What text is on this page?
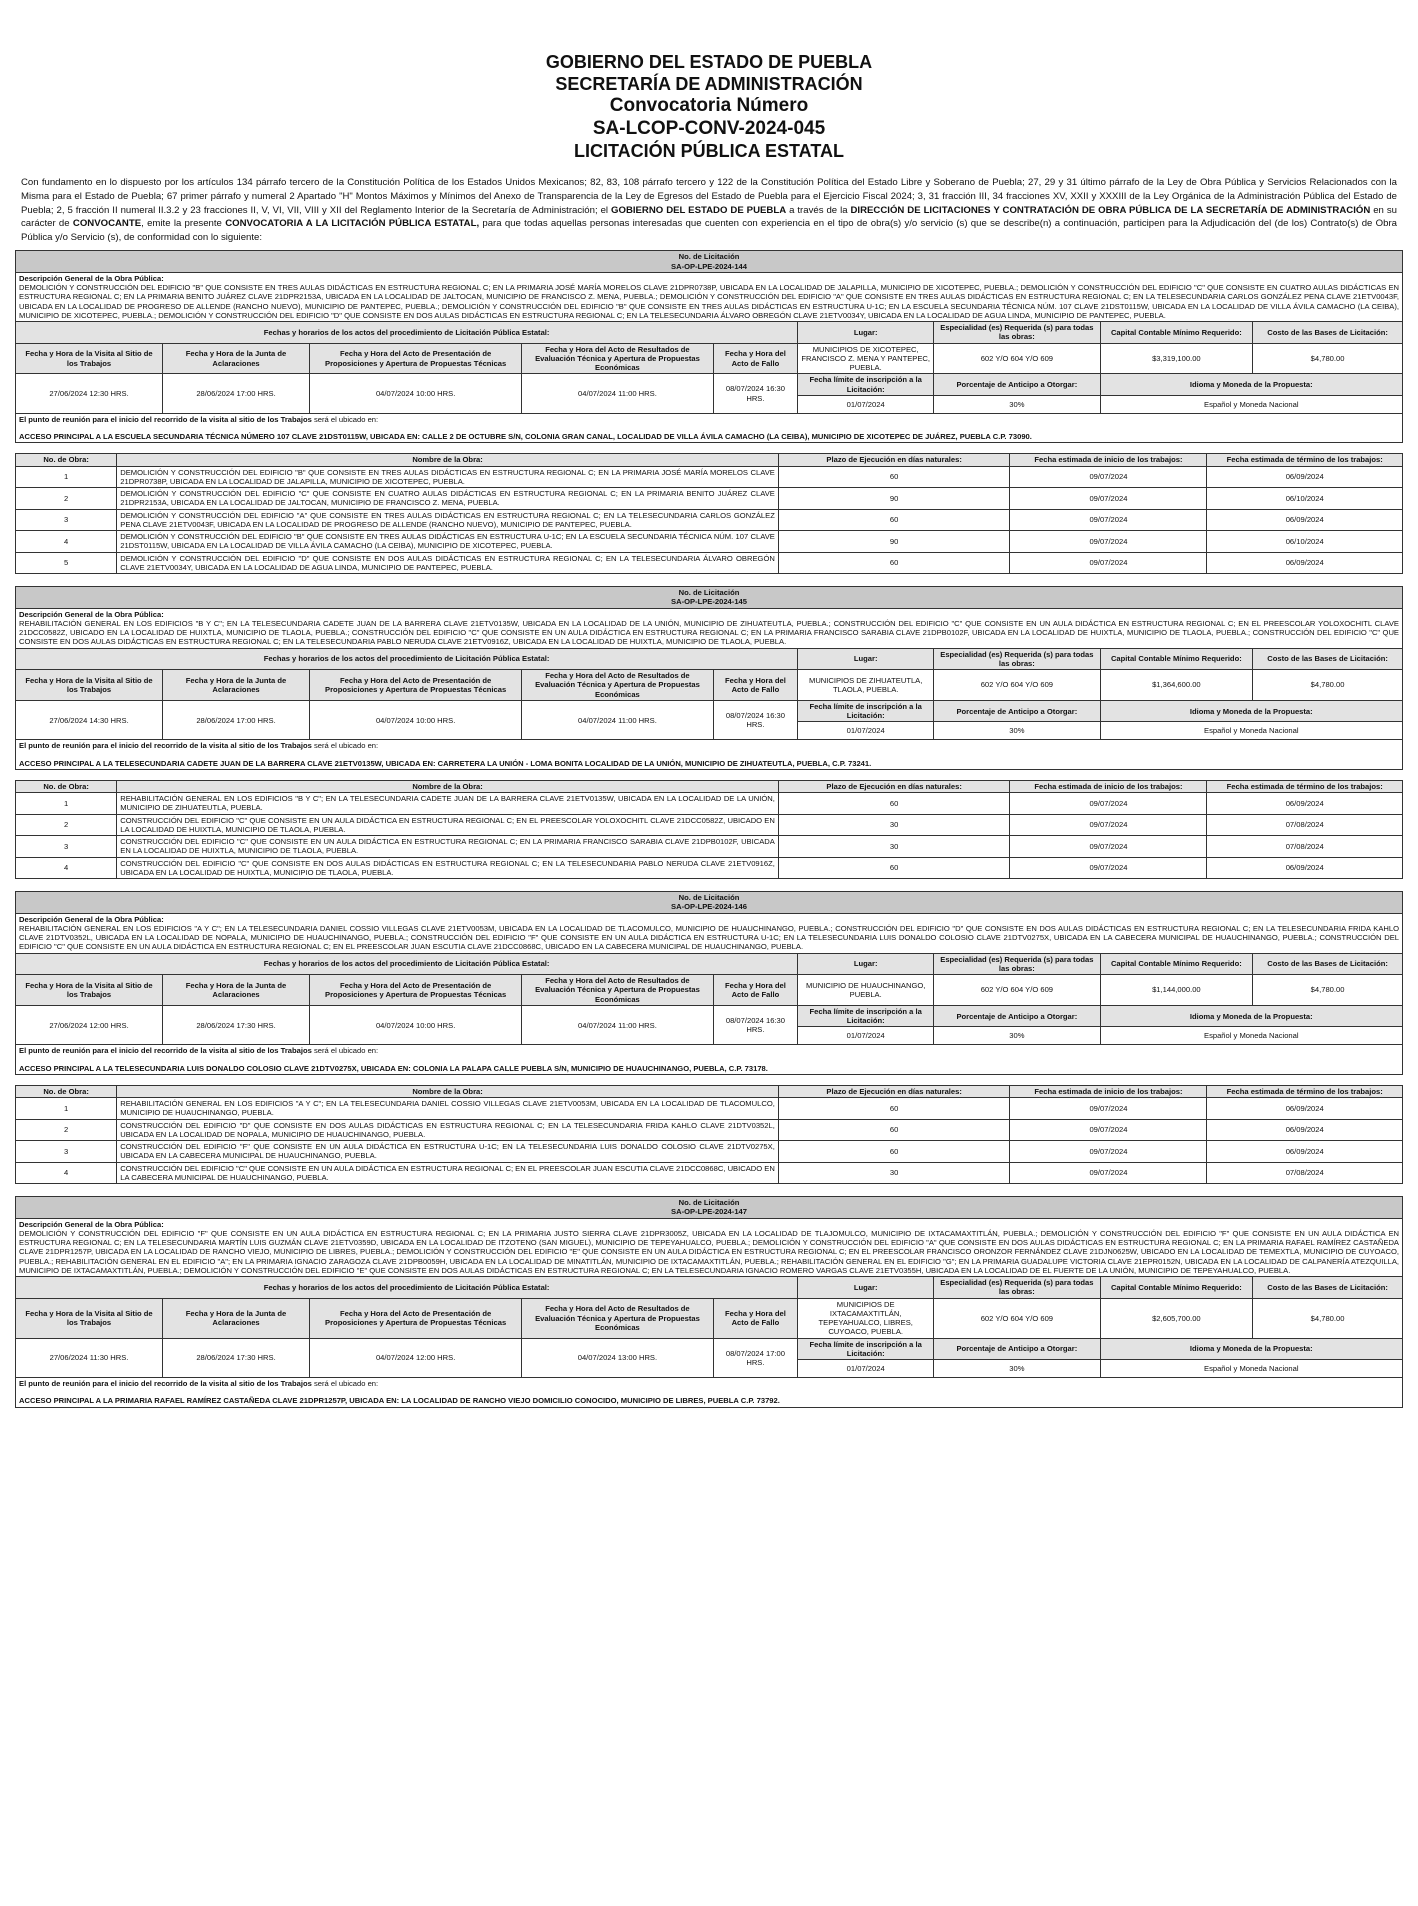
GOBIERNO DEL ESTADO DE PUEBLA
SECRETARÍA DE ADMINISTRACIÓN
Convocatoria Número
SA-LCOP-CONV-2024-045
LICITACIÓN PÚBLICA ESTATAL

Con fundamento en lo dispuesto por los artículos 134 párrafo tercero de la Constitución Política de los Estados Unidos Mexicanos; 82, 83, 108 párrafo tercero y 122 de la Constitución Política del Estado Libre y Soberano de Puebla; 27, 29 y 31 último párrafo de la Ley de Obra Pública y Servicios Relacionados con la Misma para el Estado de Puebla; 67 primer párrafo y numeral 2 Apartado "H" Montos Máximos y Mínimos del Anexo de Transparencia de la Ley de Egresos del Estado de Puebla para el Ejercicio Fiscal 2024; 3, 31 fracción III, 34 fracciones XV, XXII y XXXIII de la Ley Orgánica de la Administración Pública del Estado de Puebla; 2, 5 fracción II numeral II.3.2 y 23 fracciones II, V, VI, VII, VIII y XII del Reglamento Interior de la Secretaría de Administración; el GOBIERNO DEL ESTADO DE PUEBLA a través de la DIRECCIÓN DE LICITACIONES Y CONTRATACIÓN DE OBRA PÚBLICA DE LA SECRETARÍA DE ADMINISTRACIÓN en su carácter de CONVOCANTE, emite la presente CONVOCATORIA A LA LICITACIÓN PÚBLICA ESTATAL, para que todas aquellas personas interesadas que cuenten con experiencia en el tipo de obra(s) y/o servicio (s) que se describe(n) a continuación, participen para la Adjudicación del (de los) Contrato(s) de Obra Pública y/o Servicio (s), de conformidad con lo siguiente:

No. de Licitación
SA-OP-LPE-2024-144								

Descripción General de la Obra Pública:
DEMOLICIÓN Y CONSTRUCCIÓN DEL EDIFICIO "B" QUE CONSISTE EN TRES AULAS DIDÁCTICAS EN ESTRUCTURA REGIONAL C; EN LA PRIMARIA JOSÉ MARÍA MORELOS CLAVE 21DPR0738P, UBICADA EN LA LOCALIDAD DE JALAPILLA, MUNICIPIO DE XICOTEPEC, PUEBLA.; DEMOLICIÓN Y CONSTRUCCIÓN DEL EDIFICIO "C" QUE CONSISTE EN CUATRO AULAS DIDÁCTICAS EN ESTRUCTURA REGIONAL C; EN LA PRIMARIA BENITO JUÁREZ CLAVE 21DPR2153A, UBICADA EN LA LOCALIDAD DE JALTOCAN, MUNICIPIO DE FRANCISCO Z. MENA, PUEBLA.; DEMOLICIÓN Y CONSTRUCCIÓN DEL EDIFICIO "A" QUE CONSISTE EN TRES AULAS DIDÁCTICAS EN ESTRUCTURA REGIONAL C; EN LA TELESECUNDARIA CARLOS GONZÁLEZ PENA CLAVE 21ETV0043F, UBICADA EN LA LOCALIDAD DE PROGRESO DE ALLENDE (RANCHO NUEVO), MUNICIPIO DE PANTEPEC, PUEBLA.; DEMOLICIÓN Y CONSTRUCCIÓN DEL EDIFICIO "B" QUE CONSISTE EN TRES AULAS DIDÁCTICAS EN ESTRUCTURA U-1C; EN LA ESCUELA SECUNDARIA TÉCNICA NÚM. 107 CLAVE 21DST0115W, UBICADA EN LA LOCALIDAD DE VILLA ÁVILA CAMACHO (LA CEIBA), MUNICIPIO DE XICOTEPEC, PUEBLA.; DEMOLICIÓN Y CONSTRUCCIÓN DEL EDIFICIO "D" QUE CONSISTE EN DOS AULAS DIDÁCTICAS EN ESTRUCTURA REGIONAL C; EN LA TELESECUNDARIA ÁLVARO OBREGÓN CLAVE 21ETV0034Y, UBICADA EN LA LOCALIDAD DE AGUA LINDA, MUNICIPIO DE PANTEPEC, PUEBLA.								

Fechas y horarios de los actos del procedimiento de Licitación Pública Estatal:					Lugar:	Especialidad (es) Requerida (s) para todas las obras:	Capital Contable Mínimo Requerido:	Costo de las Bases de Licitación:
Fecha y Hora de la Visita al Sitio de los Trabajos	Fecha y Hora de la Junta de Aclaraciones	Fecha y Hora del Acto de Presentación de Proposiciones y Apertura de Propuestas Técnicas	Fecha y Hora del Acto de Resultados de Evaluación Técnica y Apertura de Propuestas Económicas	Fecha y Hora del Acto de Fallo	MUNICIPIOS DE XICOTEPEC, FRANCISCO Z. MENA Y PANTEPEC, PUEBLA.	602 Y/O 604 Y/O 609	$3,319,100.00	$4,780.00
27/06/2024 12:30 HRS.	28/06/2024 17:00 HRS.	04/07/2024 10:00 HRS.	04/07/2024 11:00 HRS.	08/07/2024 16:30 HRS.	Fecha límite de inscripción a la Licitación:	Porcentaje de Anticipo a Otorgar:	Idioma y Moneda de la Propuesta:	
					01/07/2024	30%	Español y Moneda Nacional	

El punto de reunión para el inicio del recorrido de la visita al sitio de los Trabajos será el ubicado en:
ACCESO PRINCIPAL A LA ESCUELA SECUNDARIA TÉCNICA NÚMERO 107 CLAVE 21DST0115W, UBICADA EN: CALLE 2 DE OCTUBRE S/N, COLONIA GRAN CANAL, LOCALIDAD DE VILLA ÁVILA CAMACHO (LA CEIBA), MUNICIPIO DE XICOTEPEC DE JUÁREZ, PUEBLA C.P. 73090.								
No. de Obra:	Nombre de la Obra:	Plazo de Ejecución en días naturales:	Fecha estimada de inicio de los trabajos:	Fecha estimada de término de los trabajos:
1	DEMOLICIÓN Y CONSTRUCCIÓN DEL EDIFICIO "B" QUE CONSISTE EN TRES AULAS DIDÁCTICAS EN ESTRUCTURA REGIONAL C; EN LA PRIMARIA JOSÉ MARÍA MORELOS CLAVE 21DPR0738P, UBICADA EN LA LOCALIDAD DE JALAPILLA, MUNICIPIO DE XICOTEPEC, PUEBLA.	60	09/07/2024	06/09/2024
2	DEMOLICIÓN Y CONSTRUCCIÓN DEL EDIFICIO "C" QUE CONSISTE EN CUATRO AULAS DIDÁCTICAS EN ESTRUCTURA REGIONAL C; EN LA PRIMARIA BENITO JUÁREZ CLAVE 21DPR2153A, UBICADA EN LA LOCALIDAD DE JALTOCAN, MUNICIPIO DE FRANCISCO Z. MENA, PUEBLA.	90	09/07/2024	06/10/2024
3	DEMOLICIÓN Y CONSTRUCCIÓN DEL EDIFICIO "A" QUE CONSISTE EN TRES AULAS DIDÁCTICAS EN ESTRUCTURA REGIONAL C; EN LA TELESECUNDARIA CARLOS GONZÁLEZ PENA CLAVE 21ETV0043F, UBICADA EN LA LOCALIDAD DE PROGRESO DE ALLENDE (RANCHO NUEVO), MUNICIPIO DE PANTEPEC, PUEBLA.	60	09/07/2024	06/09/2024
4	DEMOLICIÓN Y CONSTRUCCIÓN DEL EDIFICIO "B" QUE CONSISTE EN TRES AULAS DIDÁCTICAS EN ESTRUCTURA U-1C; EN LA ESCUELA SECUNDARIA TÉCNICA NÚM. 107 CLAVE 21DST0115W, UBICADA EN LA LOCALIDAD DE VILLA ÁVILA CAMACHO (LA CEIBA), MUNICIPIO DE XICOTEPEC, PUEBLA.	90	09/07/2024	06/10/2024
5	DEMOLICIÓN Y CONSTRUCCIÓN DEL EDIFICIO "D" QUE CONSISTE EN DOS AULAS DIDÁCTICAS EN ESTRUCTURA REGIONAL C; EN LA TELESECUNDARIA ÁLVARO OBREGÓN CLAVE 21ETV0034Y, UBICADA EN LA LOCALIDAD DE AGUA LINDA, MUNICIPIO DE PANTEPEC, PUEBLA.	60	09/07/2024	06/09/2024
No. de Licitación
SA-OP-LPE-2024-145								

Descripción General de la Obra Pública:
REHABILITACIÓN GENERAL EN LOS EDIFICIOS "B Y C"; EN LA TELESECUNDARIA CADETE JUAN DE LA BARRERA CLAVE 21ETV0135W, UBICADA EN LA LOCALIDAD DE LA UNIÓN, MUNICIPIO DE ZIHUATEUTLA, PUEBLA.; CONSTRUCCIÓN DEL EDIFICIO "C" QUE CONSISTE EN UN AULA DIDÁCTICA EN ESTRUCTURA REGIONAL C; EN EL PREESCOLAR YOLOXOCHITL CLAVE 21DCC0582Z, UBICADO EN LA LOCALIDAD DE HUIXTLA, MUNICIPIO DE TLAOLA, PUEBLA.; CONSTRUCCIÓN DEL EDIFICIO "C" QUE CONSISTE EN UN AULA DIDÁCTICA EN ESTRUCTURA REGIONAL C; EN LA PRIMARIA FRANCISCO SARABIA CLAVE 21DPB0102F, UBICADA EN LA LOCALIDAD DE HUIXTLA, MUNICIPIO DE TLAOLA, PUEBLA.; CONSTRUCCIÓN DEL EDIFICIO "C" QUE CONSISTE EN DOS AULAS DIDÁCTICAS EN ESTRUCTURA REGIONAL C; EN LA TELESECUNDARIA PABLO NERUDA CLAVE 21ETV0916Z, UBICADA EN LA LOCALIDAD DE HUIXTLA, MUNICIPIO DE TLAOLA, PUEBLA.								

Fechas y horarios de los actos del procedimiento de Licitación Pública Estatal:					Lugar:	Especialidad (es) Requerida (s) para todas las obras:	Capital Contable Mínimo Requerido:	Costo de las Bases de Licitación:
Fecha y Hora de la Visita al Sitio de los Trabajos	Fecha y Hora de la Junta de Aclaraciones	Fecha y Hora del Acto de Presentación de Proposiciones y Apertura de Propuestas Técnicas	Fecha y Hora del Acto de Resultados de Evaluación Técnica y Apertura de Propuestas Económicas	Fecha y Hora del Acto de Fallo	MUNICIPIOS DE ZIHUATEUTLA, TLAOLA, PUEBLA.	602 Y/O 604 Y/O 609	$1,364,600.00	$4,780.00
27/06/2024 14:30 HRS.	28/06/2024 17:00 HRS.	04/07/2024 10:00 HRS.	04/07/2024 11:00 HRS.	08/07/2024 16:30 HRS.	Fecha límite de inscripción a la Licitación:	Porcentaje de Anticipo a Otorgar:	Idioma y Moneda de la Propuesta:	
					01/07/2024	30%	Español y Moneda Nacional	

El punto de reunión para el inicio del recorrido de la visita al sitio de los Trabajos será el ubicado en:
ACCESO PRINCIPAL A LA TELESECUNDARIA CADETE JUAN DE LA BARRERA CLAVE 21ETV0135W, UBICADA EN: CARRETERA LA UNIÓN - LOMA BONITA LOCALIDAD DE LA UNIÓN, MUNICIPIO DE ZIHUATEUTLA, PUEBLA, C.P. 73241.								
No. de Obra:	Nombre de la Obra:	Plazo de Ejecución en días naturales:	Fecha estimada de inicio de los trabajos:	Fecha estimada de término de los trabajos:
1	REHABILITACIÓN GENERAL EN LOS EDIFICIOS "B Y C"; EN LA TELESECUNDARIA CADETE JUAN DE LA BARRERA CLAVE 21ETV0135W, UBICADA EN LA LOCALIDAD DE LA UNIÓN, MUNICIPIO DE ZIHUATEUTLA, PUEBLA.	60	09/07/2024	06/09/2024
2	CONSTRUCCIÓN DEL EDIFICIO "C" QUE CONSISTE EN UN AULA DIDÁCTICA EN ESTRUCTURA REGIONAL C; EN EL PREESCOLAR YOLOXOCHITL CLAVE 21DCC0582Z, UBICADO EN LA LOCALIDAD DE HUIXTLA, MUNICIPIO DE TLAOLA, PUEBLA.	30	09/07/2024	07/08/2024
3	CONSTRUCCIÓN DEL EDIFICIO "C" QUE CONSISTE EN UN AULA DIDÁCTICA EN ESTRUCTURA REGIONAL C; EN LA PRIMARIA FRANCISCO SARABIA CLAVE 21DPB0102F, UBICADA EN LA LOCALIDAD DE HUIXTLA, MUNICIPIO DE TLAOLA, PUEBLA.	30	09/07/2024	07/08/2024
4	CONSTRUCCIÓN DEL EDIFICIO "C" QUE CONSISTE EN DOS AULAS DIDÁCTICAS EN ESTRUCTURA REGIONAL C; EN LA TELESECUNDARIA PABLO NERUDA CLAVE 21ETV0916Z, UBICADA EN LA LOCALIDAD DE HUIXTLA, MUNICIPIO DE TLAOLA, PUEBLA.	60	09/07/2024	06/09/2024
No. de Licitación
SA-OP-LPE-2024-146								

Descripción General de la Obra Pública:
REHABILITACIÓN GENERAL EN LOS EDIFICIOS "A Y C"; EN LA TELESECUNDARIA DANIEL COSSIO VILLEGAS CLAVE 21ETV0053M, UBICADA EN LA LOCALIDAD DE TLACOMULCO, MUNICIPIO DE HUAUCHINANGO, PUEBLA.; CONSTRUCCIÓN DEL EDIFICIO "D" QUE CONSISTE EN DOS AULAS DIDÁCTICAS EN ESTRUCTURA REGIONAL C; EN LA TELESECUNDARIA FRIDA KAHLO CLAVE 21DTV0352L, UBICADA EN LA LOCALIDAD DE NOPALA, MUNICIPIO DE HUAUCHINANGO, PUEBLA.; CONSTRUCCIÓN DEL EDIFICIO "F" QUE CONSISTE EN UN AULA DIDÁCTICA EN ESTRUCTURA U-1C; EN LA TELESECUNDARIA LUIS DONALDO COLOSIO CLAVE 21DTV0275X, UBICADA EN LA CABECERA MUNICIPAL DE HUAUCHINANGO, PUEBLA.; CONSTRUCCIÓN DEL EDIFICIO "C" QUE CONSISTE EN UN AULA DIDÁCTICA EN ESTRUCTURA REGIONAL C; EN EL PREESCOLAR JUAN ESCUTIA CLAVE 21DCC0868C, UBICADO EN LA CABECERA MUNICIPAL DE HUAUCHINANGO, PUEBLA.								

Fechas y horarios de los actos del procedimiento de Licitación Pública Estatal:					Lugar:	Especialidad (es) Requerida (s) para todas las obras:	Capital Contable Mínimo Requerido:	Costo de las Bases de Licitación:
Fecha y Hora de la Visita al Sitio de los Trabajos	Fecha y Hora de la Junta de Aclaraciones	Fecha y Hora del Acto de Presentación de Proposiciones y Apertura de Propuestas Técnicas	Fecha y Hora del Acto de Resultados de Evaluación Técnica y Apertura de Propuestas Económicas	Fecha y Hora del Acto de Fallo	MUNICIPIO DE HUAUCHINANGO, PUEBLA.	602 Y/O 604 Y/O 609	$1,144,000.00	$4,780.00
27/06/2024 12:00 HRS.	28/06/2024 17:30 HRS.	04/07/2024 10:00 HRS.	04/07/2024 11:00 HRS.	08/07/2024 16:30 HRS.	Fecha límite de inscripción a la Licitación:	Porcentaje de Anticipo a Otorgar:	Idioma y Moneda de la Propuesta:	
					01/07/2024	30%	Español y Moneda Nacional	

El punto de reunión para el inicio del recorrido de la visita al sitio de los Trabajos será el ubicado en:
ACCESO PRINCIPAL A LA TELESECUNDARIA LUIS DONALDO COLOSIO CLAVE 21DTV0275X, UBICADA EN: COLONIA LA PALAPA CALLE PUEBLA S/N, MUNICIPIO DE HUAUCHINANGO, PUEBLA, C.P. 73178.								
No. de Obra:	Nombre de la Obra:	Plazo de Ejecución en días naturales:	Fecha estimada de inicio de los trabajos:	Fecha estimada de término de los trabajos:
1	REHABILITACIÓN GENERAL EN LOS EDIFICIOS "A Y C"; EN LA TELESECUNDARIA DANIEL COSSIO VILLEGAS CLAVE 21ETV0053M, UBICADA EN LA LOCALIDAD DE TLACOMULCO, MUNICIPIO DE HUAUCHINANGO, PUEBLA.	60	09/07/2024	06/09/2024
2	CONSTRUCCIÓN DEL EDIFICIO "D" QUE CONSISTE EN DOS AULAS DIDÁCTICAS EN ESTRUCTURA REGIONAL C; EN LA TELESECUNDARIA FRIDA KAHLO CLAVE 21DTV0352L, UBICADA EN LA LOCALIDAD DE NOPALA, MUNICIPIO DE HUAUCHINANGO, PUEBLA.	60	09/07/2024	06/09/2024
3	CONSTRUCCIÓN DEL EDIFICIO "F" QUE CONSISTE EN UN AULA DIDÁCTICA EN ESTRUCTURA U-1C; EN LA TELESECUNDARIA LUIS DONALDO COLOSIO CLAVE 21DTV0275X, UBICADA EN LA CABECERA MUNICIPAL DE HUAUCHINANGO, PUEBLA.	60	09/07/2024	06/09/2024
4	CONSTRUCCIÓN DEL EDIFICIO "C" QUE CONSISTE EN UN AULA DIDÁCTICA EN ESTRUCTURA REGIONAL C; EN EL PREESCOLAR JUAN ESCUTIA CLAVE 21DCC0868C, UBICADO EN LA CABECERA MUNICIPAL DE HUAUCHINANGO, PUEBLA.	30	09/07/2024	07/08/2024
No. de Licitación
SA-OP-LPE-2024-147								

Descripción General de la Obra Pública:
DEMOLICIÓN Y CONSTRUCCIÓN DEL EDIFICIO "F" QUE CONSISTE EN UN AULA DIDÁCTICA EN ESTRUCTURA REGIONAL C; EN LA PRIMARIA JUSTO SIERRA CLAVE 21DPR3005Z, UBICADA EN LA LOCALIDAD DE TLAJOMULCO, MUNICIPIO DE IXTACAMAXTITLÁN, PUEBLA.; DEMOLICIÓN Y CONSTRUCCIÓN DEL EDIFICIO "F" QUE CONSISTE EN UN AULA DIDÁCTICA EN ESTRUCTURA REGIONAL C; EN LA TELESECUNDARIA MARTÍN LUIS GUZMÁN CLAVE 21ETV0359D, UBICADA EN LA LOCALIDAD DE ITZOTENO (SAN MIGUEL), MUNICIPIO DE TEPEYAHUALCO, PUEBLA.; DEMOLICIÓN Y CONSTRUCCIÓN DEL EDIFICIO "A" QUE CONSISTE EN DOS AULAS DIDÁCTICAS EN ESTRUCTURA REGIONAL C; EN LA PRIMARIA RAFAEL RAMÍREZ CASTAÑEDA CLAVE 21DPR1257P, UBICADA EN LA LOCALIDAD DE RANCHO VIEJO, MUNICIPIO DE LIBRES, PUEBLA.; DEMOLICIÓN Y CONSTRUCCIÓN DEL EDIFICIO "E" QUE CONSISTE EN UN AULA DIDÁCTICA EN ESTRUCTURA REGIONAL C; EN EL PREESCOLAR FRANCISCO ORONZOR FERNÁNDEZ CLAVE 21DJN0625W, UBICADO EN LA LOCALIDAD DE TEMEXTLA, MUNICIPIO DE CUYOACO, PUEBLA.; REHABILITACIÓN GENERAL EN EL EDIFICIO "A"; EN LA PRIMARIA IGNACIO ZARAGOZA CLAVE 21DPB0059H, UBICADA EN LA LOCALIDAD DE MINATITLÁN, MUNICIPIO DE IXTACAMAXTITLÁN, PUEBLA.; REHABILITACIÓN GENERAL EN EL EDIFICIO "G"; EN LA PRIMARIA GUADALUPE VICTORIA CLAVE 21EPR0152N, UBICADA EN LA LOCALIDAD DE CALPANERÍA ATEZQUILLA, MUNICIPIO DE IXTACAMAXTITLÁN, PUEBLA.; DEMOLICIÓN Y CONSTRUCCIÓN DEL EDIFICIO "E" QUE CONSISTE EN DOS AULAS DIDÁCTICAS EN ESTRUCTURA REGIONAL C; EN LA TELESECUNDARIA IGNACIO ROMERO VARGAS CLAVE 21ETV0355H, UBICADA EN LA LOCALIDAD DE EL FUERTE DE LA UNIÓN, MUNICIPIO DE TEPEYAHUALCO, PUEBLA.								

Fechas y horarios de los actos del procedimiento de Licitación Pública Estatal:					Lugar:	Especialidad (es) Requerida (s) para todas las obras:	Capital Contable Mínimo Requerido:	Costo de las Bases de Licitación:
Fecha y Hora de la Visita al Sitio de los Trabajos	Fecha y Hora de la Junta de Aclaraciones	Fecha y Hora del Acto de Presentación de Proposiciones y Apertura de Propuestas Técnicas	Fecha y Hora del Acto de Resultados de Evaluación Técnica y Apertura de Propuestas Económicas	Fecha y Hora del Acto de Fallo	MUNICIPIOS DE IXTACAMAXTITLÁN, TEPEYAHUALCO, LIBRES, CUYOACO, PUEBLA.	602 Y/O 604 Y/O 609	$2,605,700.00	$4,780.00
27/06/2024 11:30 HRS.	28/06/2024 17:30 HRS.	04/07/2024 12:00 HRS.	04/07/2024 13:00 HRS.	08/07/2024 17:00 HRS.	Fecha límite de inscripción a la Licitación:	Porcentaje de Anticipo a Otorgar:	Idioma y Moneda de la Propuesta:	
					01/07/2024	30%	Español y Moneda Nacional	

El punto de reunión para el inicio del recorrido de la visita al sitio de los Trabajos será el ubicado en:
ACCESO PRINCIPAL A LA PRIMARIA RAFAEL RAMÍREZ CASTAÑEDA CLAVE 21DPR1257P, UBICADA EN: LA LOCALIDAD DE RANCHO VIEJO DOMICILIO CONOCIDO, MUNICIPIO DE LIBRES, PUEBLA C.P. 73792.								
